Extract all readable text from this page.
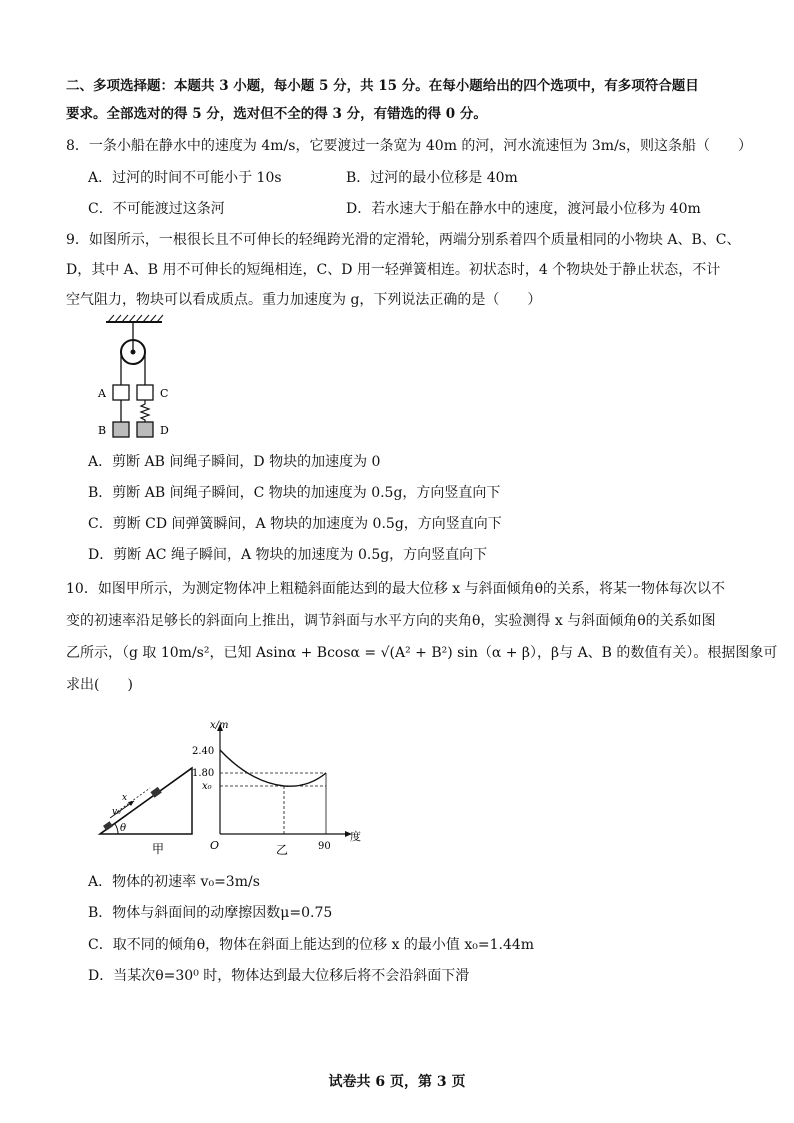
二、多项选择题：本题共 3 小题，每小题 5 分，共 15 分。在每小题给出的四个选项中，有多项符合题目
要求。全部选对的得 5 分，选对但不全的得 3 分，有错选的得 0 分。
8．一条小船在静水中的速度为 4m/s，它要渡过一条宽为 40m 的河，河水流速恒为 3m/s，则这条船（　　）
A．过河的时间不可能小于 10s	B．过河的最小位移是 40m
C．不可能渡过这条河	D．若水速大于船在静水中的速度，渡河最小位移为 40m
9．如图所示，一根很长且不可伸长的轻绳跨光滑的定滑轮，两端分别系着四个质量相同的小物块 A、B、C、
D，其中 A、B 用不可伸长的短绳相连，C、D 用一轻弹簧相连。初状态时，4 个物块处于静止状态，不计
空气阻力，物块可以看成质点。重力加速度为 g，下列说法正确的是（　　）
A	C
B	D
A．剪断 AB 间绳子瞬间，D 物块的加速度为 0
B．剪断 AB 间绳子瞬间，C 物块的加速度为 0.5g，方向竖直向下
C．剪断 CD 间弹簧瞬间，A 物块的加速度为 0.5g，方向竖直向下
D．剪断 AC 绳子瞬间，A 物块的加速度为 0.5g，方向竖直向下
10．如图甲所示，为测定物体冲上粗糙斜面能达到的最大位移 x 与斜面倾角θ的关系，将某一物体每次以不
变的初速率沿足够长的斜面向上推出，调节斜面与水平方向的夹角θ，实验测得 x 与斜面倾角θ的关系如图
乙所示，（g 取 10m/s²，已知 Asinα + Bcosα = √(A² + B²) sin（α + β），β与 A、B 的数值有关）。根据图象可
求出(　　)
θ
x
v₀
甲
x/m
2.40
1.80
x₀
O	90
度
乙
A．物体的初速率 v₀=3m/s
B．物体与斜面间的动摩擦因数μ=0.75
C．取不同的倾角θ，物体在斜面上能达到的位移 x 的最小值 x₀=1.44m
D．当某次θ=30⁰ 时，物体达到最大位移后将不会沿斜面下滑
试卷共 6 页，第 3 页
